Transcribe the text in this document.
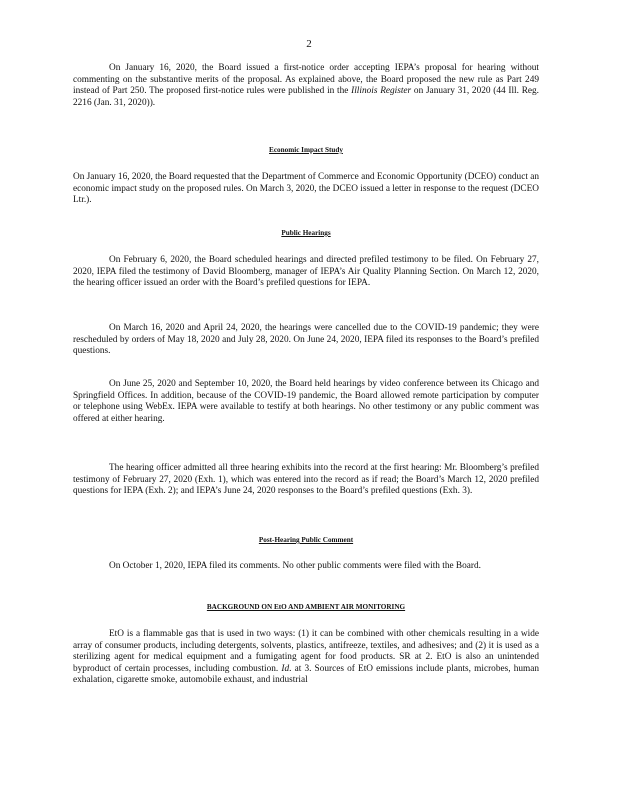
2

On January 16, 2020, the Board issued a first-notice order accepting IEPA’s proposal for hearing without commenting on the substantive merits of the proposal. As explained above, the Board proposed the new rule as Part 249 instead of Part 250. The proposed first-notice rules were published in the Illinois Register on January 31, 2020 (44 Ill. Reg. 2216 (Jan. 31, 2020)).

Economic Impact Study

On January 16, 2020, the Board requested that the Department of Commerce and Economic Opportunity (DCEO) conduct an economic impact study on the proposed rules. On March 3, 2020, the DCEO issued a letter in response to the request (DCEO Ltr.).

Public Hearings

On February 6, 2020, the Board scheduled hearings and directed prefiled testimony to be filed. On February 27, 2020, IEPA filed the testimony of David Bloomberg, manager of IEPA’s Air Quality Planning Section. On March 12, 2020, the hearing officer issued an order with the Board’s prefiled questions for IEPA.

On March 16, 2020 and April 24, 2020, the hearings were cancelled due to the COVID-19 pandemic; they were rescheduled by orders of May 18, 2020 and July 28, 2020. On June 24, 2020, IEPA filed its responses to the Board’s prefiled questions.

On June 25, 2020 and September 10, 2020, the Board held hearings by video conference between its Chicago and Springfield Offices. In addition, because of the COVID-19 pandemic, the Board allowed remote participation by computer or telephone using WebEx. IEPA were available to testify at both hearings. No other testimony or any public comment was offered at either hearing.

The hearing officer admitted all three hearing exhibits into the record at the first hearing: Mr. Bloomberg’s prefiled testimony of February 27, 2020 (Exh. 1), which was entered into the record as if read; the Board’s March 12, 2020 prefiled questions for IEPA (Exh. 2); and IEPA’s June 24, 2020 responses to the Board’s prefiled questions (Exh. 3).

Post-Hearing Public Comment

On October 1, 2020, IEPA filed its comments. No other public comments were filed with the Board.

BACKGROUND ON EtO AND AMBIENT AIR MONITORING

EtO is a flammable gas that is used in two ways: (1) it can be combined with other chemicals resulting in a wide array of consumer products, including detergents, solvents, plastics, antifreeze, textiles, and adhesives; and (2) it is used as a sterilizing agent for medical equipment and a fumigating agent for food products. SR at 2. EtO is also an unintended byproduct of certain processes, including combustion. Id. at 3. Sources of EtO emissions include plants, microbes, human exhalation, cigarette smoke, automobile exhaust, and industrial
